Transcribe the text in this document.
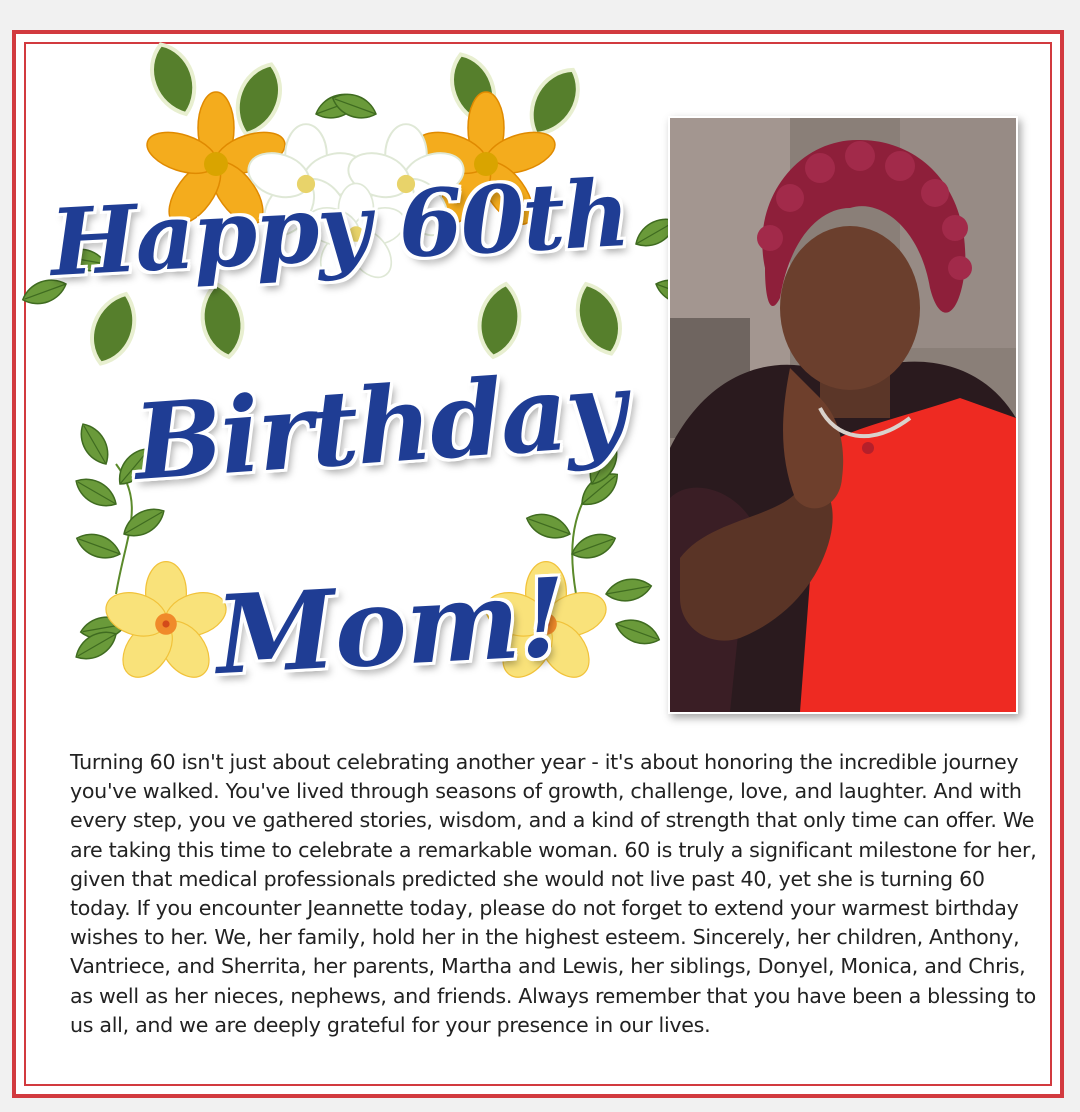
Happy 60th
Birthday
Mom!

Turning 60 isn't just about celebrating another year - it's about honoring the incredible journey you've walked. You've lived through seasons of growth, challenge, love, and laughter. And with every step, you ve gathered stories, wisdom, and a kind of strength that only time can offer. We are taking this time to celebrate a remarkable woman. 60 is truly a significant milestone for her, given that medical professionals predicted she would not live past 40, yet she is turning 60 today. If you encounter Jeannette today, please do not forget to extend your warmest birthday wishes to her. We, her family, hold her in the highest esteem. Sincerely, her children, Anthony, Vantriece, and Sherrita, her parents, Martha and Lewis, her siblings, Donyel, Monica, and Chris, as well as her nieces, nephews, and friends. Always remember that you have been a blessing to us all, and we are deeply grateful for your presence in our lives.
